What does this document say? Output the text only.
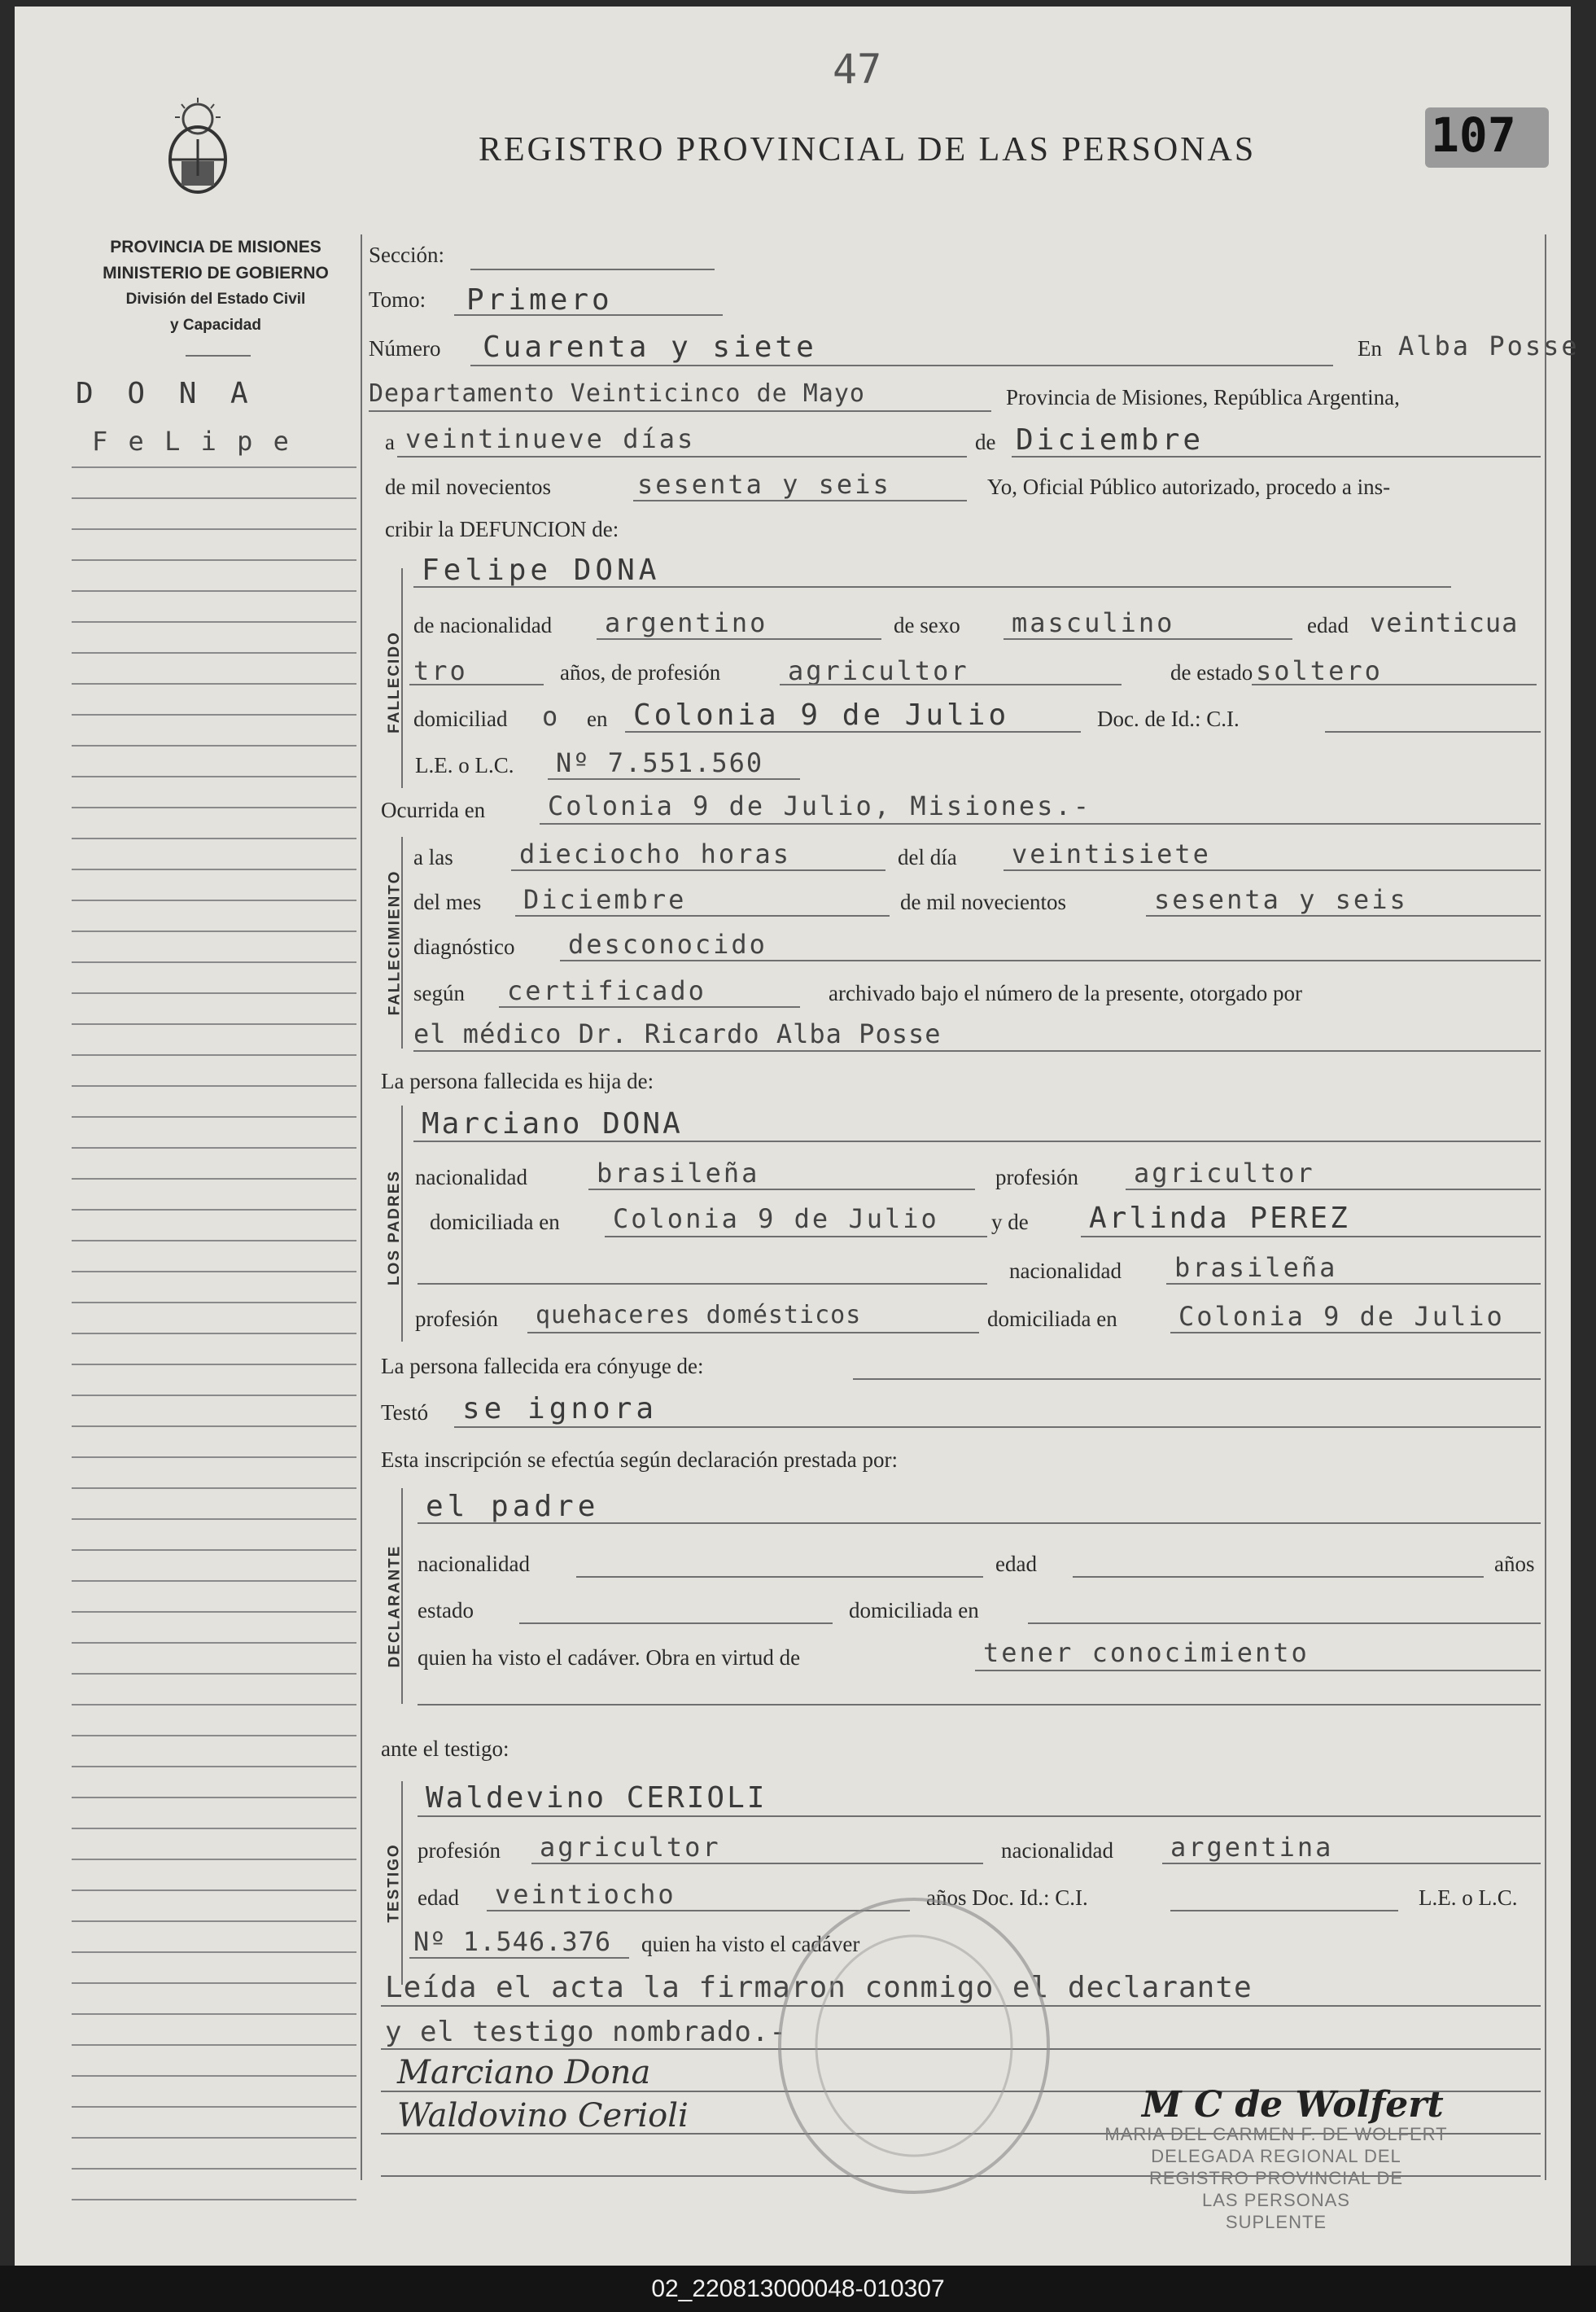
47
107
REGISTRO PROVINCIAL DE LAS PERSONAS
PROVINCIA DE MISIONES
MINISTERIO DE GOBIERNO
División del Estado Civil
y Capacidad
D O N A
F e L i p e
Sección:
Tomo: Primero
Número Cuarenta y siete	En Alba Posse
Departamento Veinticinco de Mayo	Provincia de Misiones, República Argentina,
a veintinueve días	de Diciembre
de mil novecientos	sesenta y seis	Yo, Oficial Público autorizado, procedo a ins-
cribir la DEFUNCION de:
FALLECIDO
Felipe DONA
de nacionalidad argentino	de sexo masculino	edad veinticua
tro	años, de profesión	agricultor	de estado soltero
domiciliad o en Colonia 9 de Julio	Doc. de Id.: C.I.
L.E. o L.C. Nº 7.551.560
Ocurrida en Colonia 9 de Julio, Misiones.-
FALLECIMIENTO
a las	dieciocho horas	del día veintisiete
del mes Diciembre	de mil novecientos	sesenta y seis
diagnóstico desconocido
según certificado	archivado bajo el número de la presente, otorgado por
el médico Dr. Ricardo Alba Posse
La persona fallecida es hija de:
LOS PADRES
Marciano DONA
nacionalidad	brasileña	profesión agricultor
domiciliada en Colonia 9 de Julio y de Arlinda PEREZ
nacionalidad brasileña
profesión quehaceres domésticos	domiciliada en Colonia 9 de Julio
La persona fallecida era cónyuge de:
Testó se ignora
Esta inscripción se efectúa según declaración prestada por:
DECLARANTE
el padre
nacionalidad	edad	años
estado	domiciliada en
quien ha visto el cadáver. Obra en virtud de	tener conocimiento
ante el testigo:
TESTIGO
Waldevino CERIOLI
profesión agricultor	nacionalidad argentina
edad veintiocho	años Doc. Id.: C.I.	L.E. o L.C.
Nº 1.546.376 quien ha visto el cadáver
Leída el acta la firmaron conmigo el declarante
y el testigo nombrado.-
Marciano Dona
Waldovino Cerioli	M C de Wolfert
MARIA DEL CARMEN F. DE WOLFERT
DELEGADA REGIONAL DEL
REGISTRO PROVINCIAL DE
LAS PERSONAS
SUPLENTE
02_220813000048-010307
